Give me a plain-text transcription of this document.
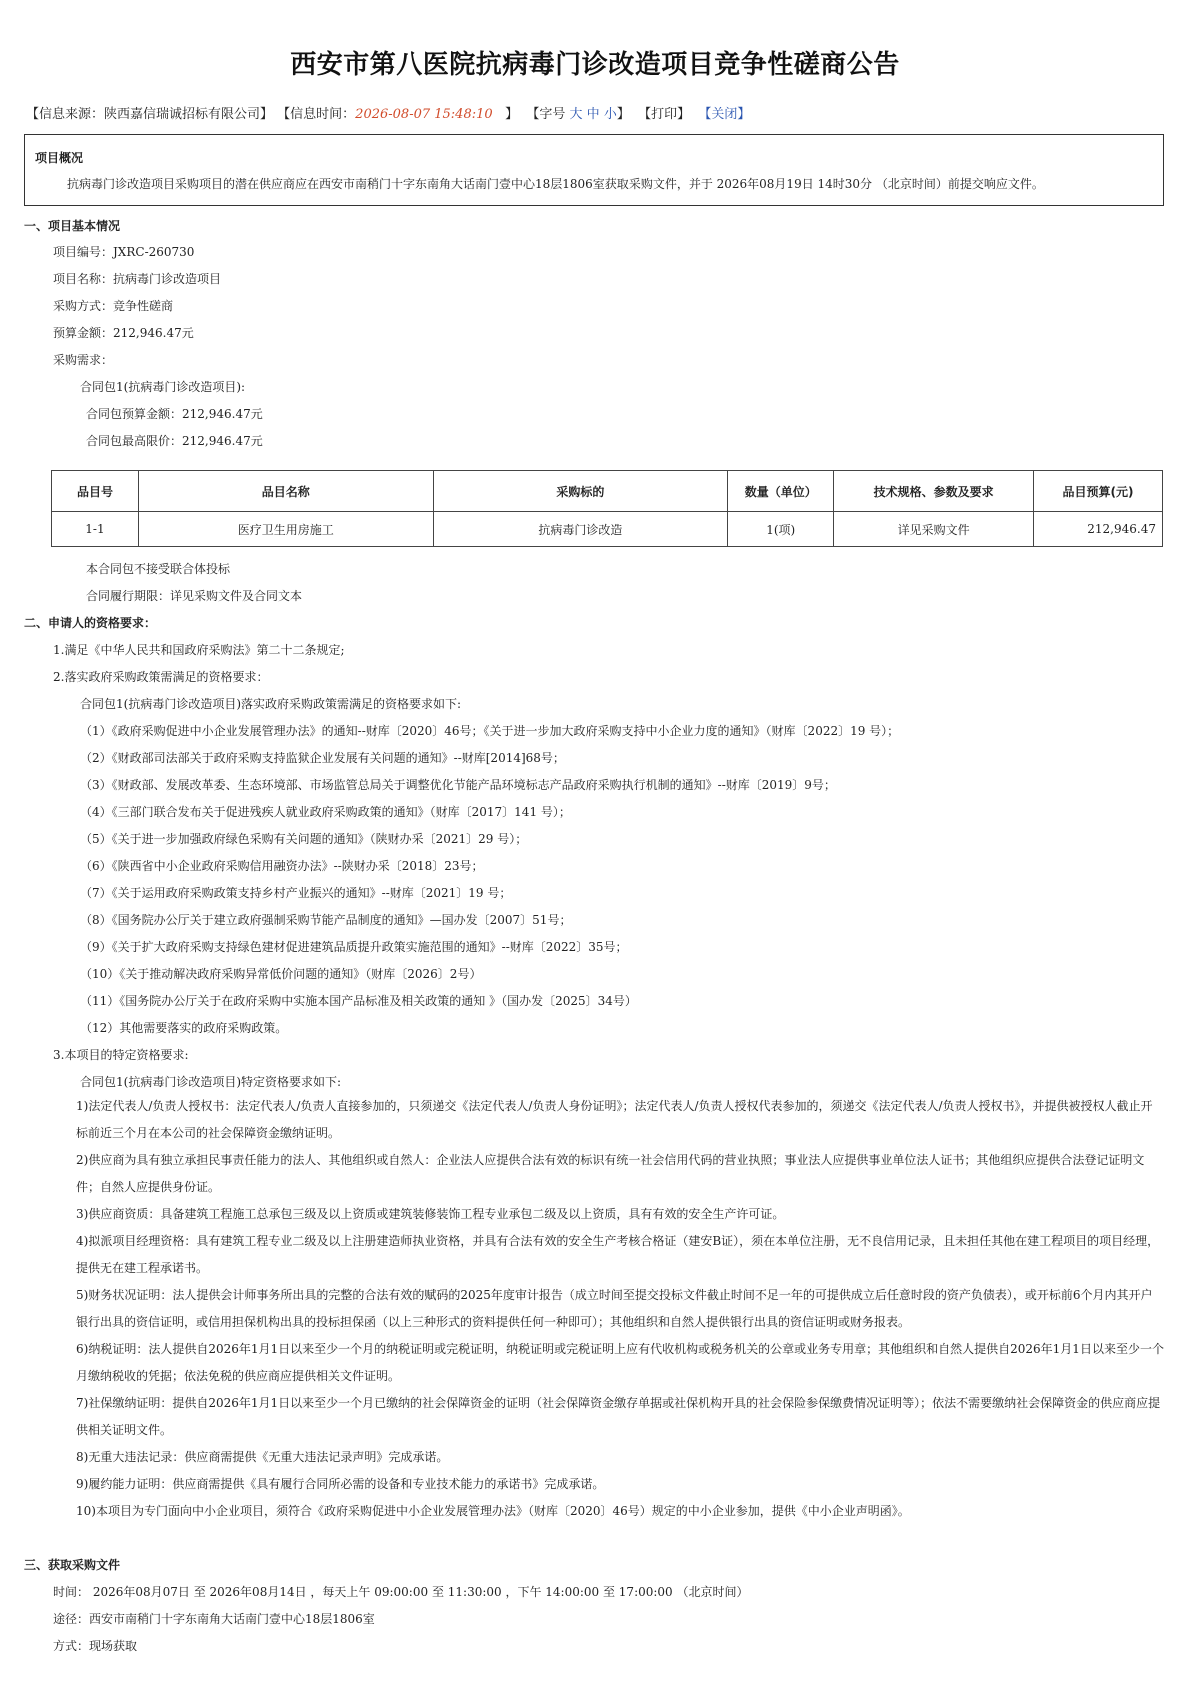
西安市第八医院抗病毒门诊改造项目竞争性磋商公告
【信息来源：陕西嘉信瑞诚招标有限公司】 【信息时间：2026-08-07 15:48:10 】 【字号 大 中 小】 【打印】 【关闭】
项目概况
抗病毒门诊改造项目采购项目的潜在供应商应在西安市南稍门十字东南角大话南门壹中心18层1806室获取采购文件，并于 2026年08月19日 14时30分 （北京时间）前提交响应文件。
一、项目基本情况
项目编号：JXRC-260730
项目名称：抗病毒门诊改造项目
采购方式：竞争性磋商
预算金额：212,946.47元
采购需求：
合同包1(抗病毒门诊改造项目):
合同包预算金额：212,946.47元
合同包最高限价：212,946.47元
品目号	品目名称	采购标的	数量（单位）	技术规格、参数及要求	品目预算(元)
1-1	医疗卫生用房施工	抗病毒门诊改造	1(项)	详见采购文件	212,946.47
本合同包不接受联合体投标
合同履行期限：详见采购文件及合同文本
二、申请人的资格要求：
1.满足《中华人民共和国政府采购法》第二十二条规定;
2.落实政府采购政策需满足的资格要求：
合同包1(抗病毒门诊改造项目)落实政府采购政策需满足的资格要求如下:
（1）《政府采购促进中小企业发展管理办法》的通知--财库〔2020〕46号；《关于进一步加大政府采购支持中小企业力度的通知》（财库〔2022〕19 号）；
（2）《财政部司法部关于政府采购支持监狱企业发展有关问题的通知》--财库[2014]68号；
（3）《财政部、发展改革委、生态环境部、市场监管总局关于调整优化节能产品环境标志产品政府采购执行机制的通知》--财库〔2019〕9号；
（4）《三部门联合发布关于促进残疾人就业政府采购政策的通知》（财库〔2017〕141 号）；
（5）《关于进一步加强政府绿色采购有关问题的通知》（陕财办采〔2021〕29 号）；
（6）《陕西省中小企业政府采购信用融资办法》--陕财办采〔2018〕23号；
（7）《关于运用政府采购政策支持乡村产业振兴的通知》--财库〔2021〕19 号；
（8）《国务院办公厅关于建立政府强制采购节能产品制度的通知》—国办发〔2007〕51号；
（9）《关于扩大政府采购支持绿色建材促进建筑品质提升政策实施范围的通知》--财库〔2022〕35号；
（10）《关于推动解决政府采购异常低价问题的通知》（财库〔2026〕2号）
（11）《国务院办公厅关于在政府采购中实施本国产品标准及相关政策的通知 》（国办发〔2025〕34号）
（12）其他需要落实的政府采购政策。
3.本项目的特定资格要求:
合同包1(抗病毒门诊改造项目)特定资格要求如下:
1)法定代表人/负责人授权书：法定代表人/负责人直接参加的，只须递交《法定代表人/负责人身份证明》；法定代表人/负责人授权代表参加的，须递交《法定代表人/负责人授权书》，并提供被授权人截止开标前近三个月在本公司的社会保障资金缴纳证明。
2)供应商为具有独立承担民事责任能力的法人、其他组织或自然人：企业法人应提供合法有效的标识有统一社会信用代码的营业执照；事业法人应提供事业单位法人证书；其他组织应提供合法登记证明文件；自然人应提供身份证。
3)供应商资质：具备建筑工程施工总承包三级及以上资质或建筑装修装饰工程专业承包二级及以上资质，具有有效的安全生产许可证。
4)拟派项目经理资格：具有建筑工程专业二级及以上注册建造师执业资格，并具有合法有效的安全生产考核合格证（建安B证），须在本单位注册，无不良信用记录，且未担任其他在建工程项目的项目经理，提供无在建工程承诺书。
5)财务状况证明：法人提供会计师事务所出具的完整的合法有效的赋码的2025年度审计报告（成立时间至提交投标文件截止时间不足一年的可提供成立后任意时段的资产负债表），或开标前6个月内其开户银行出具的资信证明，或信用担保机构出具的投标担保函（以上三种形式的资料提供任何一种即可）；其他组织和自然人提供银行出具的资信证明或财务报表。
6)纳税证明：法人提供自2026年1月1日以来至少一个月的纳税证明或完税证明，纳税证明或完税证明上应有代收机构或税务机关的公章或业务专用章；其他组织和自然人提供自2026年1月1日以来至少一个月缴纳税收的凭据；依法免税的供应商应提供相关文件证明。
7)社保缴纳证明：提供自2026年1月1日以来至少一个月已缴纳的社会保障资金的证明（社会保障资金缴存单据或社保机构开具的社会保险参保缴费情况证明等）；依法不需要缴纳社会保障资金的供应商应提供相关证明文件。
8)无重大违法记录：供应商需提供《无重大违法记录声明》完成承诺。
9)履约能力证明：供应商需提供《具有履行合同所必需的设备和专业技术能力的承诺书》完成承诺。
10)本项目为专门面向中小企业项目，须符合《政府采购促进中小企业发展管理办法》（财库〔2020〕46号）规定的中小企业参加，提供《中小企业声明函》。
三、获取采购文件
时间： 2026年08月07日 至 2026年08月14日 ，每天上午 09:00:00 至 11:30:00 ，下午 14:00:00 至 17:00:00 （北京时间）
途径：西安市南稍门十字东南角大话南门壹中心18层1806室
方式：现场获取
